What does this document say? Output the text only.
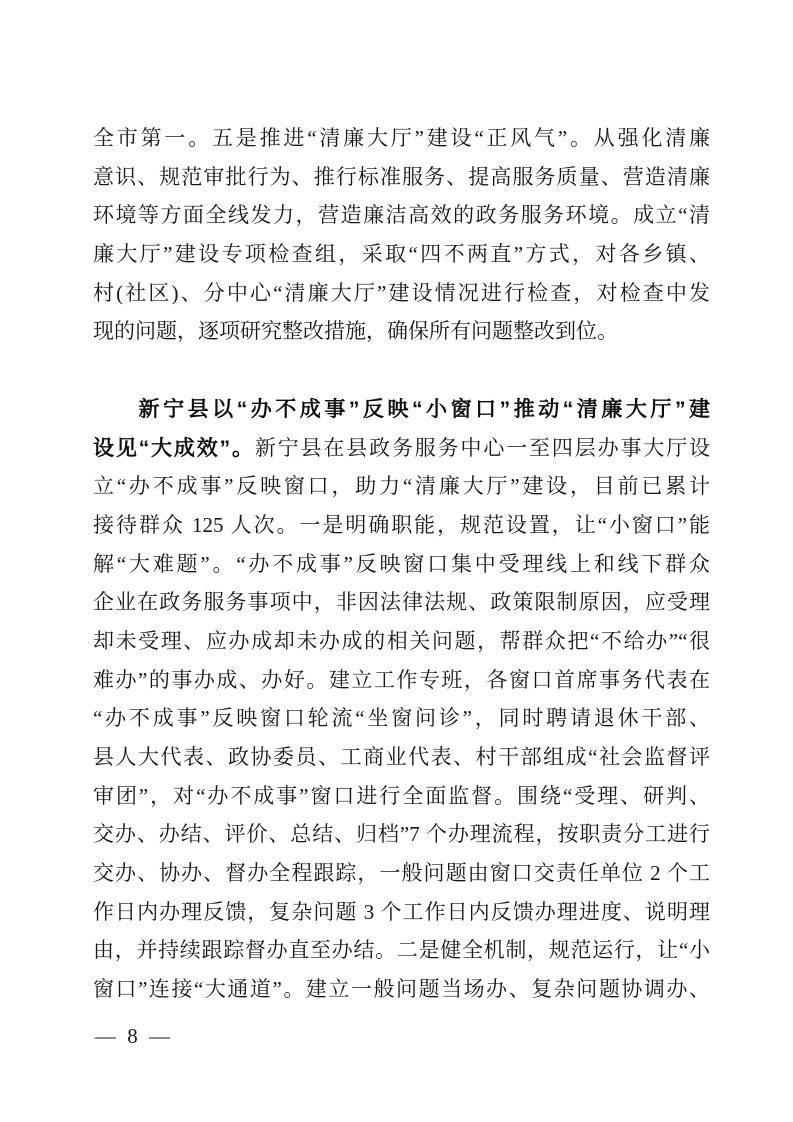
全市第一。五是推进“清廉大厅”建设“正风气”。从强化清廉
意识、规范审批行为、推行标准服务、提高服务质量、营造清廉
环境等方面全线发力，营造廉洁高效的政务服务环境。成立“清
廉大厅”建设专项检查组，采取“四不两直”方式，对各乡镇、
村(社区)、分中心“清廉大厅”建设情况进行检查，对检查中发
现的问题，逐项研究整改措施，确保所有问题整改到位。
新宁县以“办不成事”反映“小窗口”推动“清廉大厅”建
设见“大成效”。新宁县在县政务服务中心一至四层办事大厅设
立“办不成事”反映窗口，助力“清廉大厅”建设，目前已累计
接待群众 125 人次。一是明确职能，规范设置，让“小窗口”能
解“大难题”。“办不成事”反映窗口集中受理线上和线下群众
企业在政务服务事项中，非因法律法规、政策限制原因，应受理
却未受理、应办成却未办成的相关问题，帮群众把“不给办”“很
难办”的事办成、办好。建立工作专班，各窗口首席事务代表在
“办不成事”反映窗口轮流“坐窗问诊”，同时聘请退休干部、
县人大代表、政协委员、工商业代表、村干部组成“社会监督评
审团”，对“办不成事”窗口进行全面监督。围绕“受理、研判、
交办、办结、评价、总结、归档”7 个办理流程，按职责分工进行
交办、协办、督办全程跟踪，一般问题由窗口交责任单位 2 个工
作日内办理反馈，复杂问题 3 个工作日内反馈办理进度、说明理
由，并持续跟踪督办直至办结。二是健全机制，规范运行，让“小
窗口”连接“大通道”。建立一般问题当场办、复杂问题协调办、
— 8 —
